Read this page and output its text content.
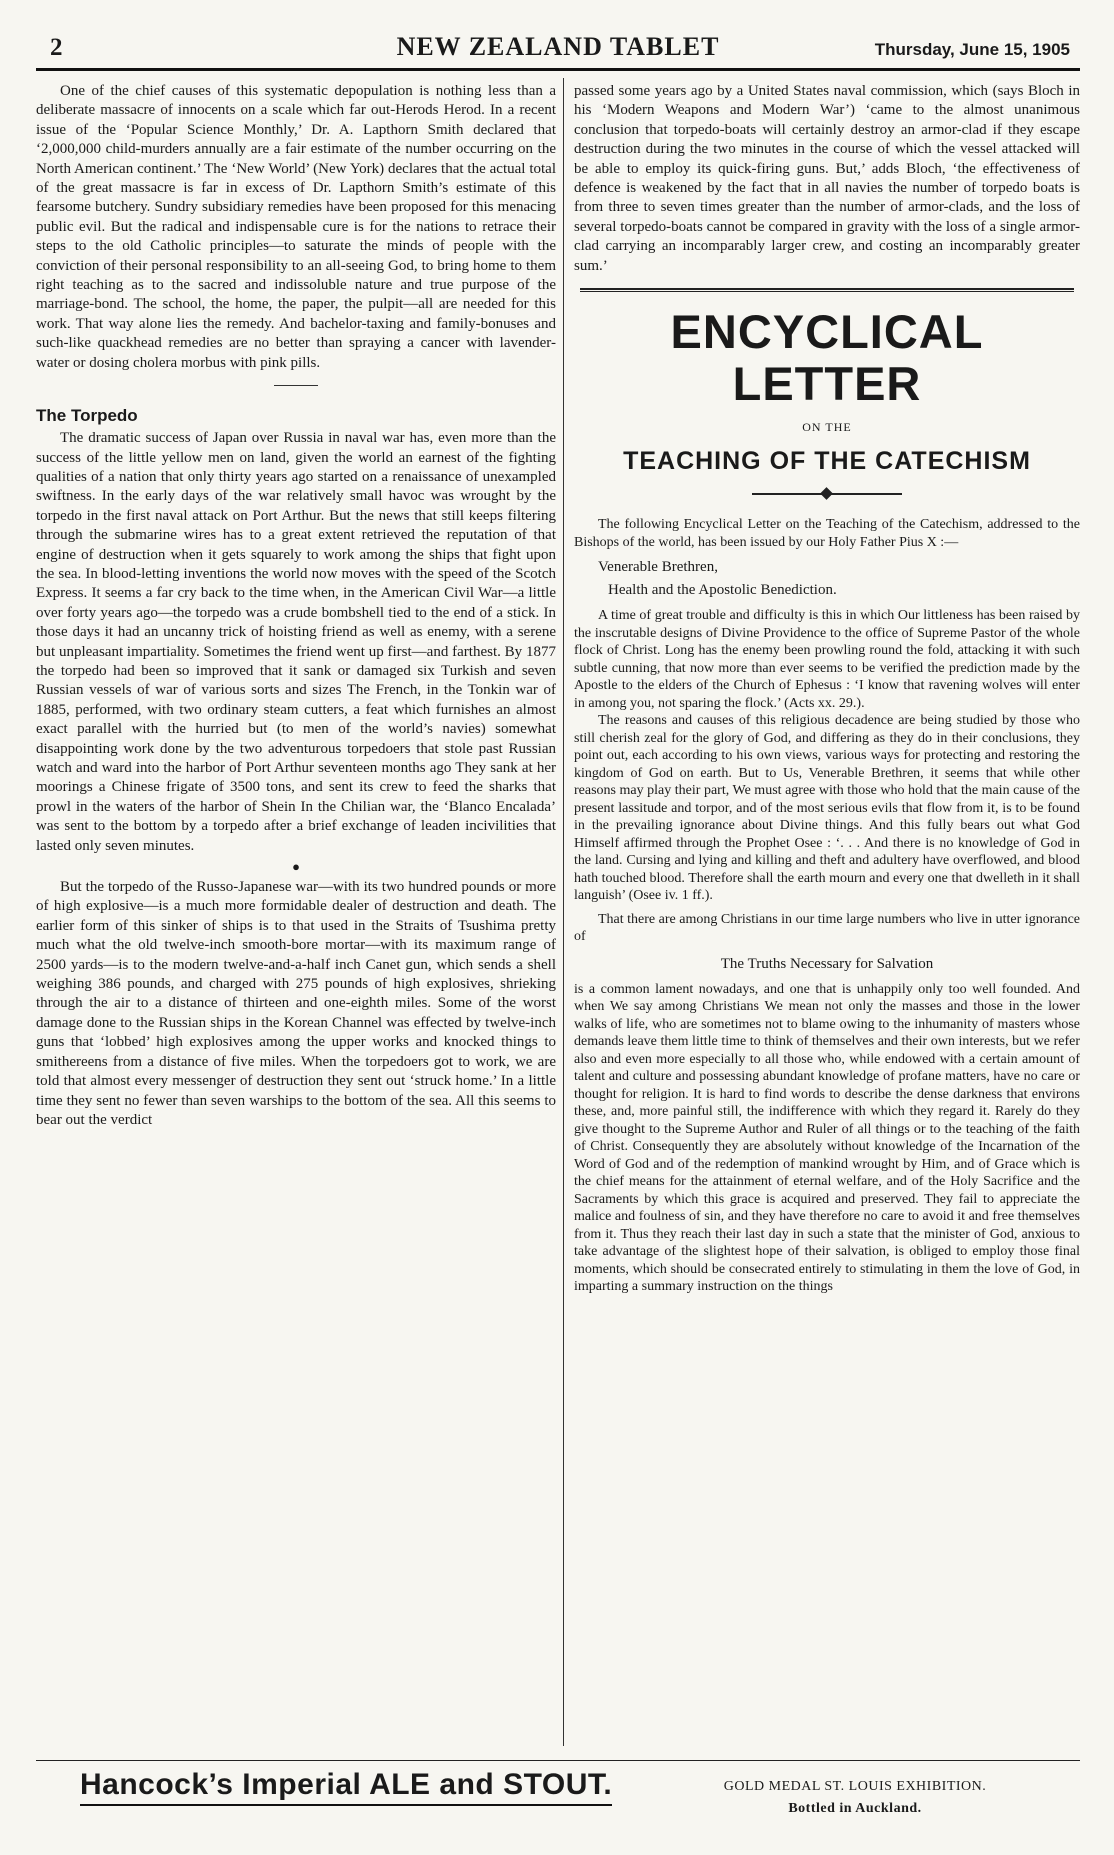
2	NEW ZEALAND TABLET	Thursday, June 15, 1905

One of the chief causes of this systematic depopulation is nothing less than a deliberate massacre of innocents on a scale which far out-Herods Herod. In a recent issue of the ‘Popular Science Monthly,’ Dr. A. Lapthorn Smith declared that ‘2,000,000 child-murders annually are a fair estimate of the number occurring on the North American continent.’ The ‘New World’ (New York) declares that the actual total of the great massacre is far in excess of Dr. Lapthorn Smith’s estimate of this fearsome butchery. Sundry subsidiary remedies have been proposed for this menacing public evil. But the radical and indispensable cure is for the nations to retrace their steps to the old Catholic principles—to saturate the minds of people with the conviction of their personal responsibility to an all-seeing God, to bring home to them right teaching as to the sacred and indissoluble nature and true purpose of the marriage-bond. The school, the home, the paper, the pulpit—all are needed for this work. That way alone lies the remedy. And bachelor-taxing and family-bonuses and such-like quackhead remedies are no better than spraying a cancer with lavender-water or dosing cholera morbus with pink pills.

The Torpedo

The dramatic success of Japan over Russia in naval war has, even more than the success of the little yellow men on land, given the world an earnest of the fighting qualities of a nation that only thirty years ago started on a renaissance of unexampled swiftness. In the early days of the war relatively small havoc was wrought by the torpedo in the first naval attack on Port Arthur. But the news that still keeps filtering through the submarine wires has to a great extent retrieved the reputation of that engine of destruction when it gets squarely to work among the ships that fight upon the sea. In blood-letting inventions the world now moves with the speed of the Scotch Express. It seems a far cry back to the time when, in the American Civil War—a little over forty years ago—the torpedo was a crude bombshell tied to the end of a stick. In those days it had an uncanny trick of hoisting friend as well as enemy, with a serene but unpleasant impartiality. Sometimes the friend went up first—and farthest. By 1877 the torpedo had been so improved that it sank or damaged six Turkish and seven Russian vessels of war of various sorts and sizes The French, in the Tonkin war of 1885, performed, with two ordinary steam cutters, a feat which furnishes an almost exact parallel with the hurried but (to men of the world’s navies) somewhat disappointing work done by the two adventurous torpedoers that stole past Russian watch and ward into the harbor of Port Arthur seventeen months ago They sank at her moorings a Chinese frigate of 3500 tons, and sent its crew to feed the sharks that prowl in the waters of the harbor of Shein In the Chilian war, the ‘Blanco Encalada’ was sent to the bottom by a torpedo after a brief exchange of leaden incivilities that lasted only seven minutes.

●

But the torpedo of the Russo-Japanese war—with its two hundred pounds or more of high explosive—is a much more formidable dealer of destruction and death. The earlier form of this sinker of ships is to that used in the Straits of Tsushima pretty much what the old twelve-inch smooth-bore mortar—with its maximum range of 2500 yards—is to the modern twelve-and-a-half inch Canet gun, which sends a shell weighing 386 pounds, and charged with 275 pounds of high explosives, shrieking through the air to a distance of thirteen and one-eighth miles. Some of the worst damage done to the Russian ships in the Korean Channel was effected by twelve-inch guns that ‘lobbed’ high explosives among the upper works and knocked things to smithereens from a distance of five miles. When the torpedoers got to work, we are told that almost every messenger of destruction they sent out ‘struck home.’ In a little time they sent no fewer than seven warships to the bottom of the sea. All this seems to bear out the verdict

passed some years ago by a United States naval commission, which (says Bloch in his ‘Modern Weapons and Modern War’) ‘came to the almost unanimous conclusion that torpedo-boats will certainly destroy an armor-clad if they escape destruction during the two minutes in the course of which the vessel attacked will be able to employ its quick-firing guns. But,’ adds Bloch, ‘the effectiveness of defence is weakened by the fact that in all navies the number of torpedo boats is from three to seven times greater than the number of armor-clads, and the loss of several torpedo-boats cannot be compared in gravity with the loss of a single armor-clad carrying an incomparably larger crew, and costing an incomparably greater sum.’

ENCYCLICAL LETTER
ON THE
TEACHING OF THE CATECHISM

The following Encyclical Letter on the Teaching of the Catechism, addressed to the Bishops of the world, has been issued by our Holy Father Pius X :—

Venerable Brethren,
Health and the Apostolic Benediction.

A time of great trouble and difficulty is this in which Our littleness has been raised by the inscrutable designs of Divine Providence to the office of Supreme Pastor of the whole flock of Christ. Long has the enemy been prowling round the fold, attacking it with such subtle cunning, that now more than ever seems to be verified the prediction made by the Apostle to the elders of the Church of Ephesus : ‘I know that ravening wolves will enter in among you, not sparing the flock.’ (Acts xx. 29.).

The reasons and causes of this religious decadence are being studied by those who still cherish zeal for the glory of God, and differing as they do in their conclusions, they point out, each according to his own views, various ways for protecting and restoring the kingdom of God on earth. But to Us, Venerable Brethren, it seems that while other reasons may play their part, We must agree with those who hold that the main cause of the present lassitude and torpor, and of the most serious evils that flow from it, is to be found in the prevailing ignorance about Divine things. And this fully bears out what God Himself affirmed through the Prophet Osee : ‘. . . And there is no knowledge of God in the land. Cursing and lying and killing and theft and adultery have overflowed, and blood hath touched blood. Therefore shall the earth mourn and every one that dwelleth in it shall languish’ (Osee iv. 1 ff.).

That there are among Christians in our time large numbers who live in utter ignorance of

The Truths Necessary for Salvation

is a common lament nowadays, and one that is unhappily only too well founded. And when We say among Christians We mean not only the masses and those in the lower walks of life, who are sometimes not to blame owing to the inhumanity of masters whose demands leave them little time to think of themselves and their own interests, but we refer also and even more especially to all those who, while endowed with a certain amount of talent and culture and possessing abundant knowledge of profane matters, have no care or thought for religion. It is hard to find words to describe the dense darkness that environs these, and, more painful still, the indifference with which they regard it. Rarely do they give thought to the Supreme Author and Ruler of all things or to the teaching of the faith of Christ. Consequently they are absolutely without knowledge of the Incarnation of the Word of God and of the redemption of mankind wrought by Him, and of Grace which is the chief means for the attainment of eternal welfare, and of the Holy Sacrifice and the Sacraments by which this grace is acquired and preserved. They fail to appreciate the malice and foulness of sin, and they have therefore no care to avoid it and free themselves from it. Thus they reach their last day in such a state that the minister of God, anxious to take advantage of the slightest hope of their salvation, is obliged to employ those final moments, which should be consecrated entirely to stimulating in them the love of God, in imparting a summary instruction on the things

Hancock’s Imperial ALE and STOUT.	GOLD MEDAL ST. LOUIS EXHIBITION.
Bottled in Auckland.
